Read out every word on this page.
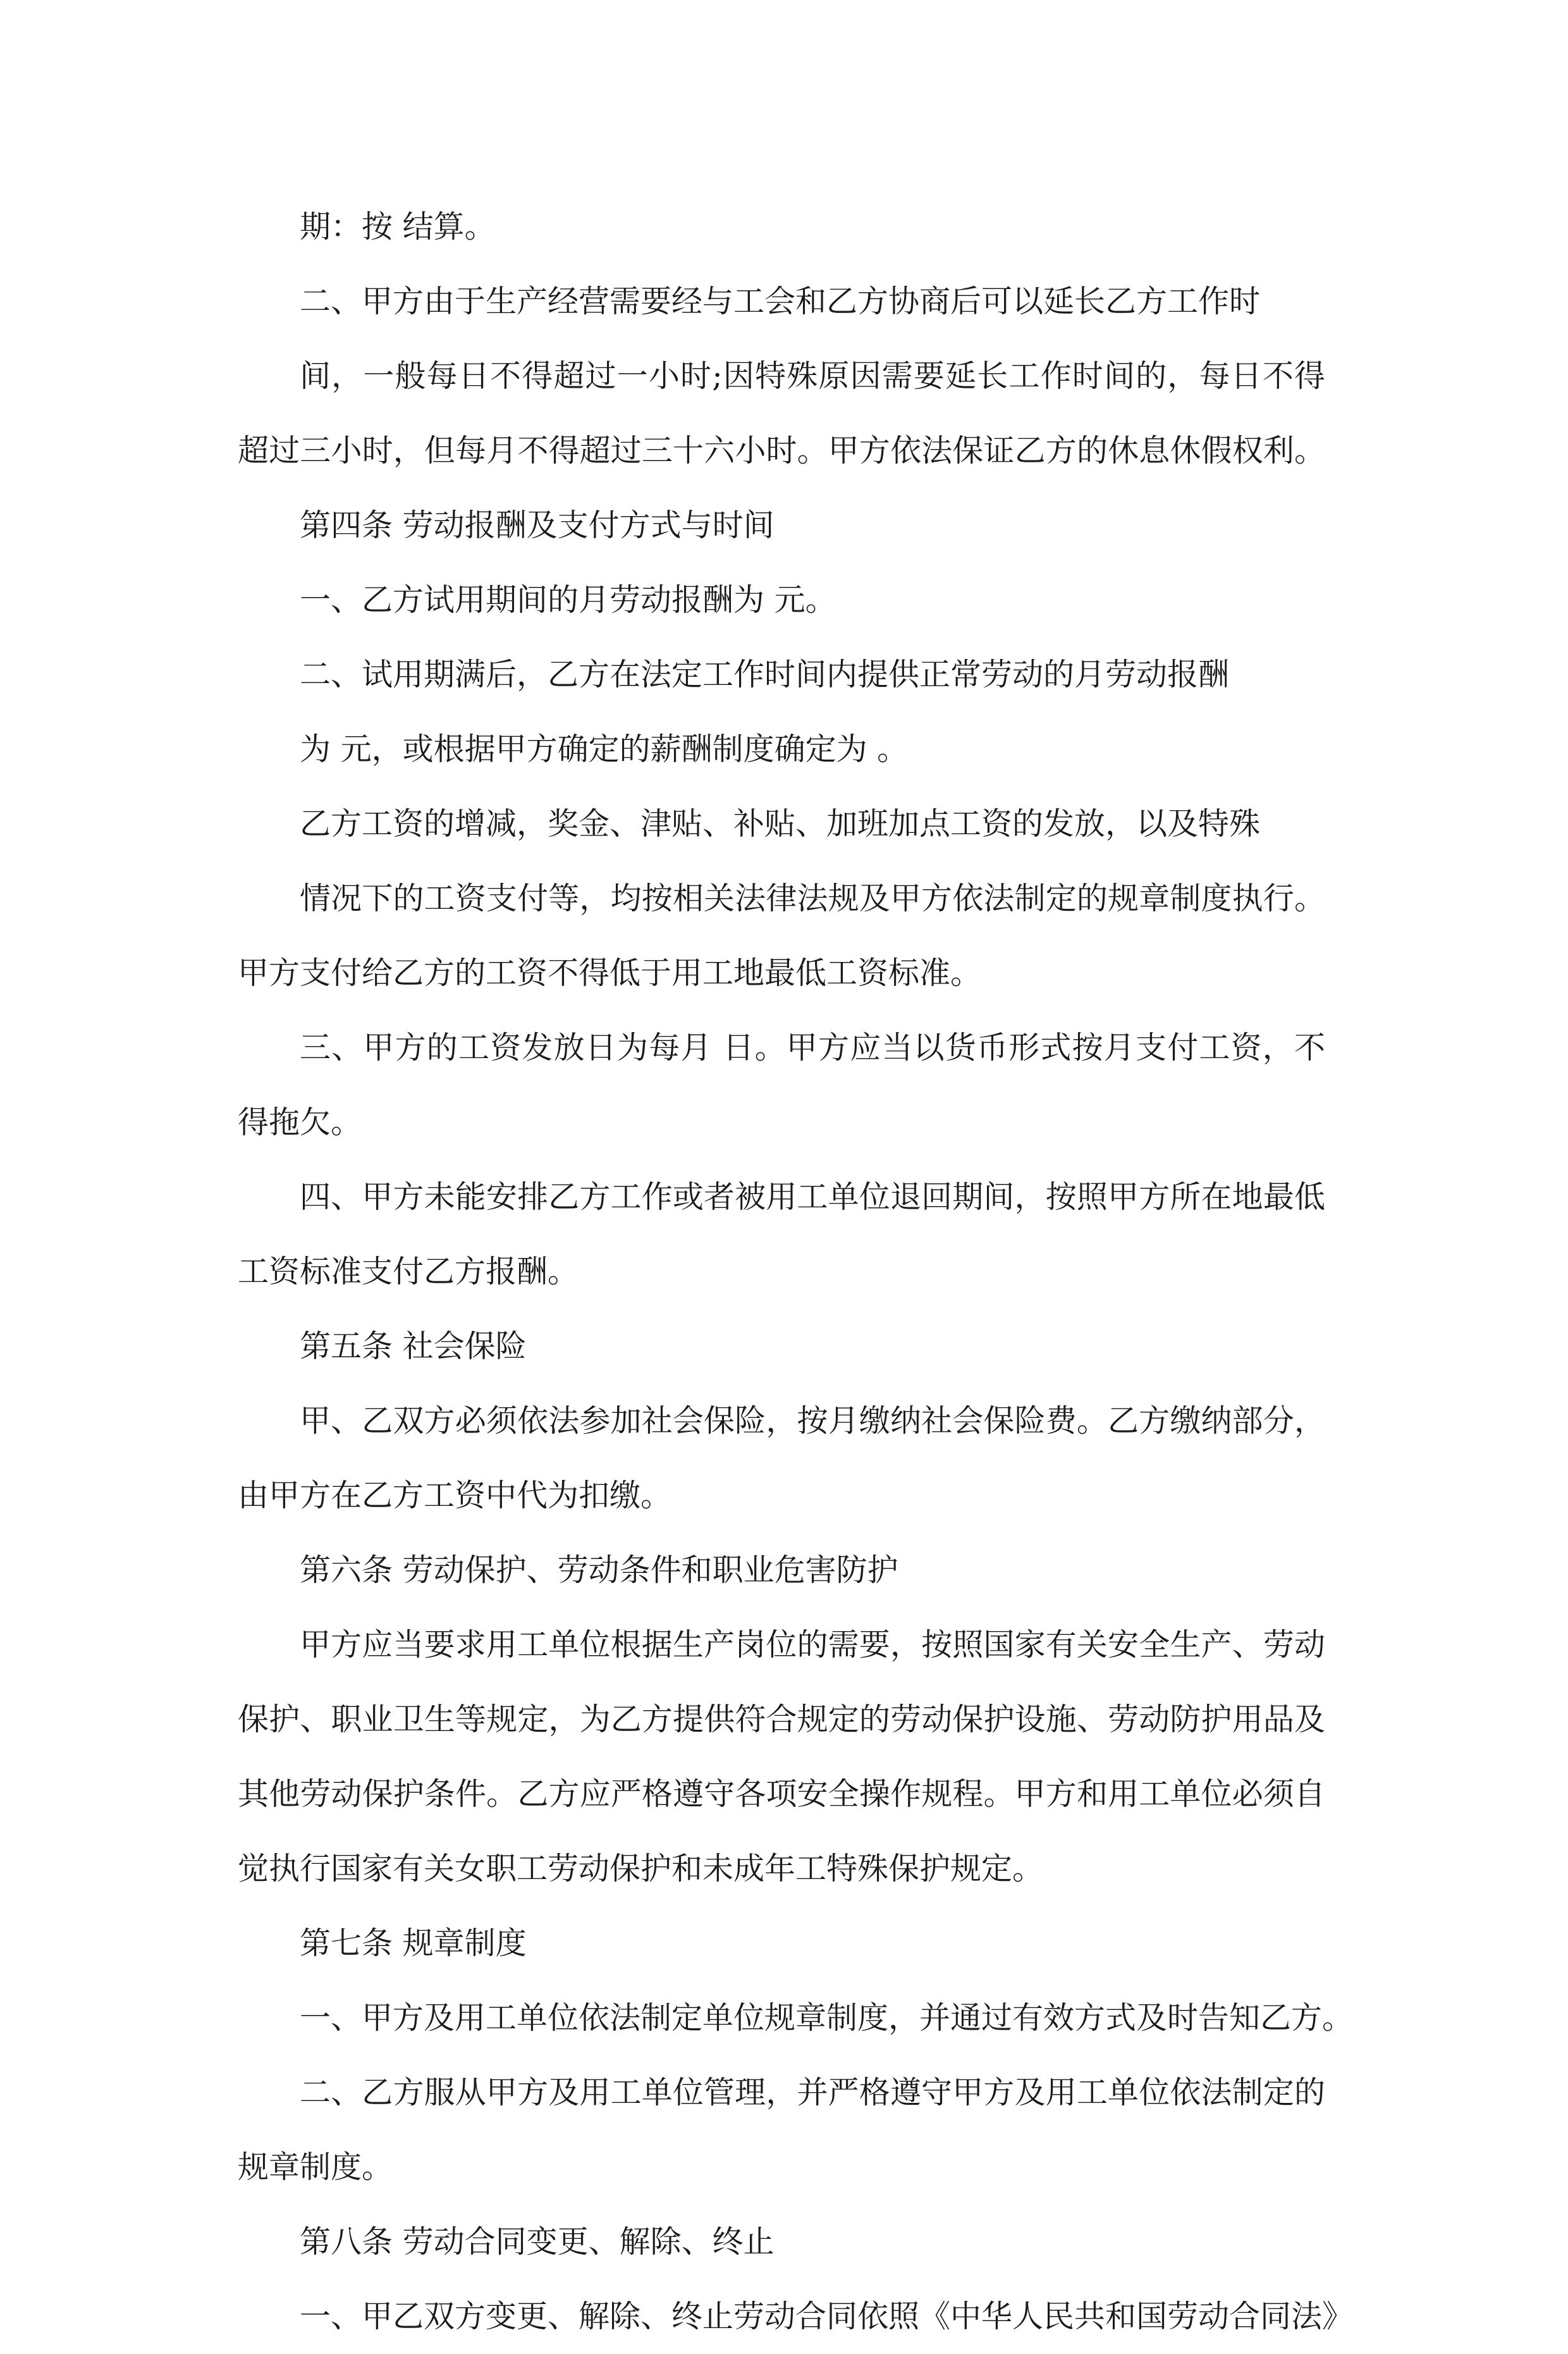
期：按 结算。
二、甲方由于生产经营需要经与工会和乙方协商后可以延长乙方工作时
间，一般每日不得超过一小时;因特殊原因需要延长工作时间的，每日不得
超过三小时，但每月不得超过三十六小时。甲方依法保证乙方的休息休假权利。
第四条 劳动报酬及支付方式与时间
一、乙方试用期间的月劳动报酬为 元。
二、试用期满后，乙方在法定工作时间内提供正常劳动的月劳动报酬
为 元，或根据甲方确定的薪酬制度确定为 。
乙方工资的增减，奖金、津贴、补贴、加班加点工资的发放，以及特殊
情况下的工资支付等，均按相关法律法规及甲方依法制定的规章制度执行。
甲方支付给乙方的工资不得低于用工地最低工资标准。
三、甲方的工资发放日为每月 日。甲方应当以货币形式按月支付工资，不
得拖欠。
四、甲方未能安排乙方工作或者被用工单位退回期间，按照甲方所在地最低
工资标准支付乙方报酬。
第五条 社会保险
甲、乙双方必须依法参加社会保险，按月缴纳社会保险费。乙方缴纳部分，
由甲方在乙方工资中代为扣缴。
第六条 劳动保护、劳动条件和职业危害防护
甲方应当要求用工单位根据生产岗位的需要，按照国家有关安全生产、劳动
保护、职业卫生等规定，为乙方提供符合规定的劳动保护设施、劳动防护用品及
其他劳动保护条件。乙方应严格遵守各项安全操作规程。甲方和用工单位必须自
觉执行国家有关女职工劳动保护和未成年工特殊保护规定。
第七条 规章制度
一、甲方及用工单位依法制定单位规章制度，并通过有效方式及时告知乙方。
二、乙方服从甲方及用工单位管理，并严格遵守甲方及用工单位依法制定的
规章制度。
第八条 劳动合同变更、解除、终止
一、甲乙双方变更、解除、终止劳动合同依照《中华人民共和国劳动合同法》
